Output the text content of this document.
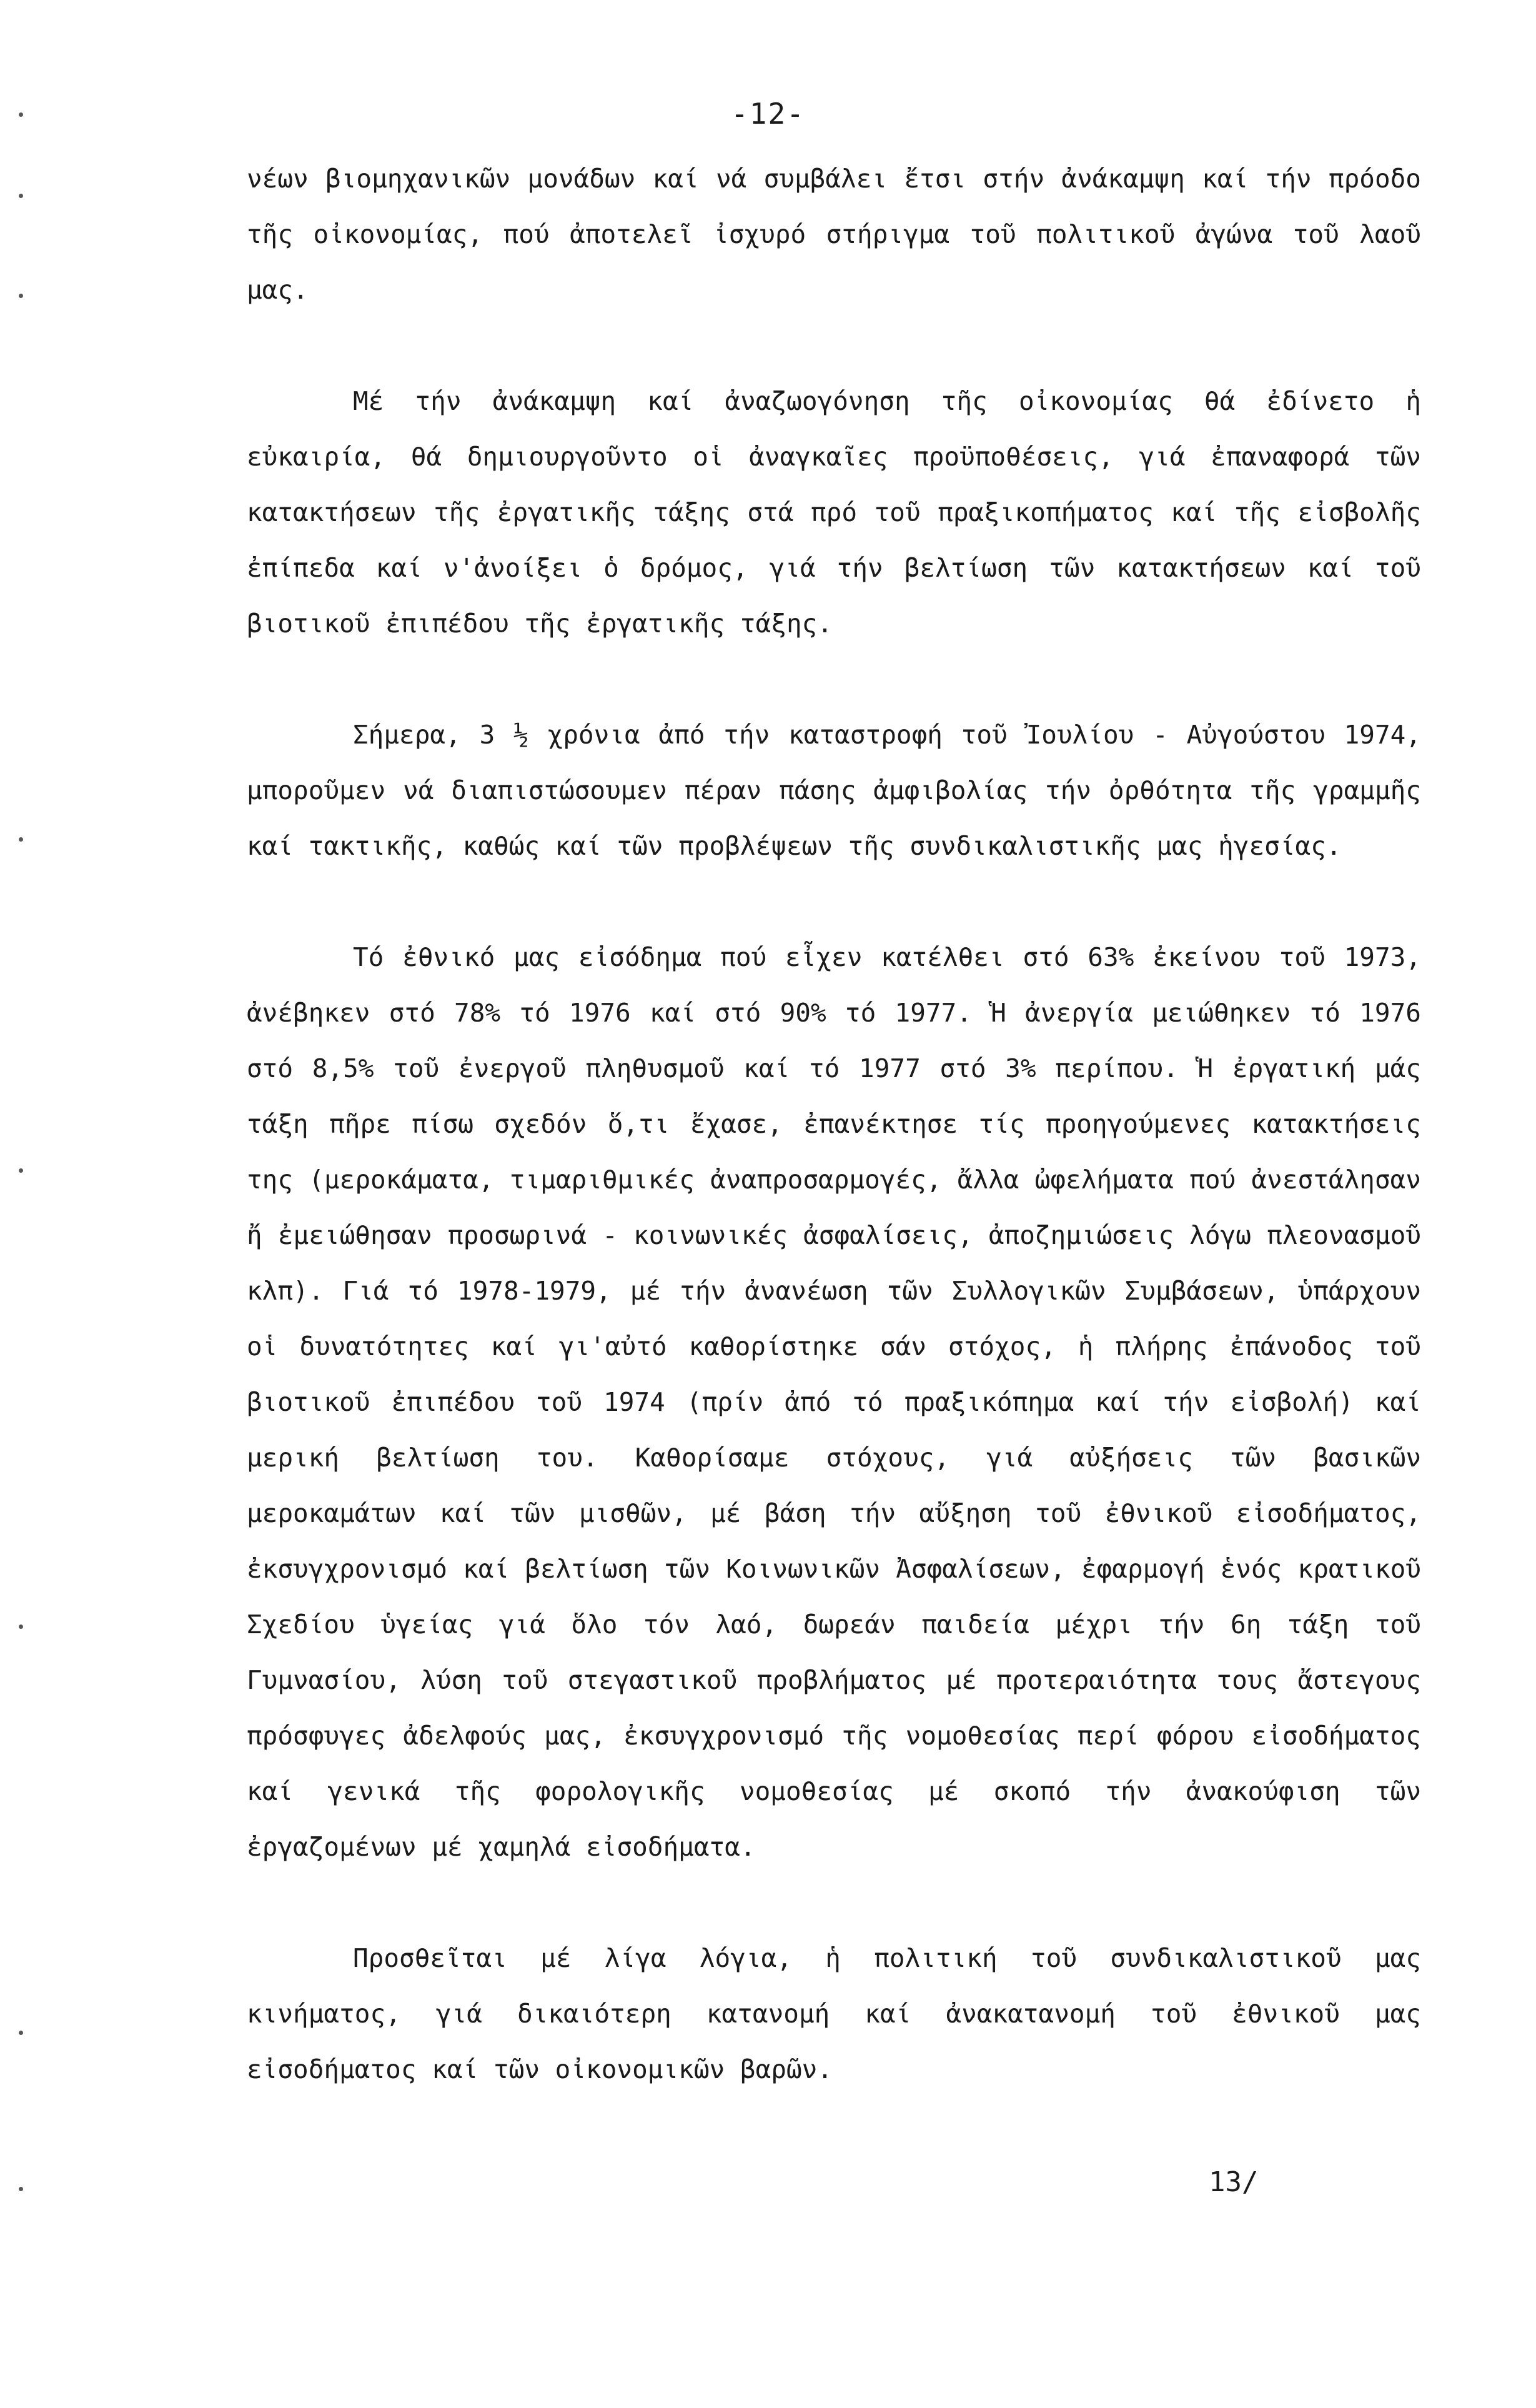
-12-

νέων βιομηχανικῶν μονάδων καί νά συμβάλει ἔτσι στήν ἀνάκαμψη καί τήν πρόοδο τῆς οἰκονομίας, πού ἀποτελεῖ ἰσχυρό στήριγμα τοῦ πολιτικοῦ ἀγώνα τοῦ λαοῦ μας.

Μέ τήν ἀνάκαμψη καί ἀναζωογόνηση τῆς οἰκονομίας θά ἐδίνετο ἡ εὐκαιρία, θά δημιουργοῦντο οἱ ἀναγκαῖες προϋποθέσεις, γιά ἐπαναφορά τῶν κατακτήσεων τῆς ἐργατικῆς τάξης στά πρό τοῦ πραξικοπήματος καί τῆς εἰσβολῆς ἐπίπεδα καί ν'ἀνοίξει ὁ δρόμος, γιά τήν βελτίωση τῶν κατακτήσεων καί τοῦ βιοτικοῦ ἐπιπέδου τῆς ἐργατικῆς τάξης.

Σήμερα, 3 ½ χρόνια ἀπό τήν καταστροφή τοῦ Ἰουλίου - Αὐγούστου 1974, μποροῦμεν νά διαπιστώσουμεν πέραν πάσης ἀμφιβολίας τήν ὀρθότητα τῆς γραμμῆς καί τακτικῆς, καθώς καί τῶν προβλέψεων τῆς συνδικαλιστικῆς μας ἡγεσίας.

Τό ἐθνικό μας εἰσόδημα πού εἶχεν κατέλθει στό 63% ἐκείνου τοῦ 1973, ἀνέβηκεν στό 78% τό 1976 καί στό 90% τό 1977. Ἡ ἀνεργία μειώθηκεν τό 1976 στό 8,5% τοῦ ἐνεργοῦ πληθυσμοῦ καί τό 1977 στό 3% περίπου. Ἡ ἐργατική μάς τάξη πῆρε πίσω σχεδόν ὅ,τι ἔχασε, ἐπανέκτησε τίς προηγούμενες κατακτήσεις της (μεροκάματα, τιμαριθμικές ἀναπροσαρμογές, ἄλλα ὠφελήματα πού ἀνεστάλησαν ἤ ἐμειώθησαν προσωρινά - κοινωνικές ἀσφαλίσεις, ἀποζημιώσεις λόγω πλεονασμοῦ κλπ). Γιά τό 1978-1979, μέ τήν ἀνανέωση τῶν Συλλογικῶν Συμβάσεων, ὑπάρχουν οἱ δυνατότητες καί γι'αὐτό καθορίστηκε σάν στόχος, ἡ πλήρης ἐπάνοδος τοῦ βιοτικοῦ ἐπιπέδου τοῦ 1974 (πρίν ἀπό τό πραξικόπημα καί τήν εἰσβολή) καί μερική βελτίωση του. Καθορίσαμε στόχους, γιά αὐξήσεις τῶν βασικῶν μεροκαμάτων καί τῶν μισθῶν, μέ βάση τήν αὔξηση τοῦ ἐθνικοῦ εἰσοδήματος, ἐκσυγχρονισμό καί βελτίωση τῶν Κοινωνικῶν Ἀσφαλίσεων, ἐφαρμογή ἑνός κρατικοῦ Σχεδίου ὑγείας γιά ὅλο τόν λαό, δωρεάν παιδεία μέχρι τήν 6η τάξη τοῦ Γυμνασίου, λύση τοῦ στεγαστικοῦ προβλήματος μέ προτεραιότητα τους ἄστεγους πρόσφυγες ἀδελφούς μας, ἐκσυγχρονισμό τῆς νομοθεσίας περί φόρου εἰσοδήματος καί γενικά τῆς φορολογικῆς νομοθεσίας μέ σκοπό τήν ἀνακούφιση τῶν ἐργαζομένων μέ χαμηλά εἰσοδήματα.

Προσθεῖται μέ λίγα λόγια, ἡ πολιτική τοῦ συνδικαλιστικοῦ μας κινήματος, γιά δικαιότερη κατανομή καί ἀνακατανομή τοῦ ἐθνικοῦ μας εἰσοδήματος καί τῶν οἰκονομικῶν βαρῶν.

13/
